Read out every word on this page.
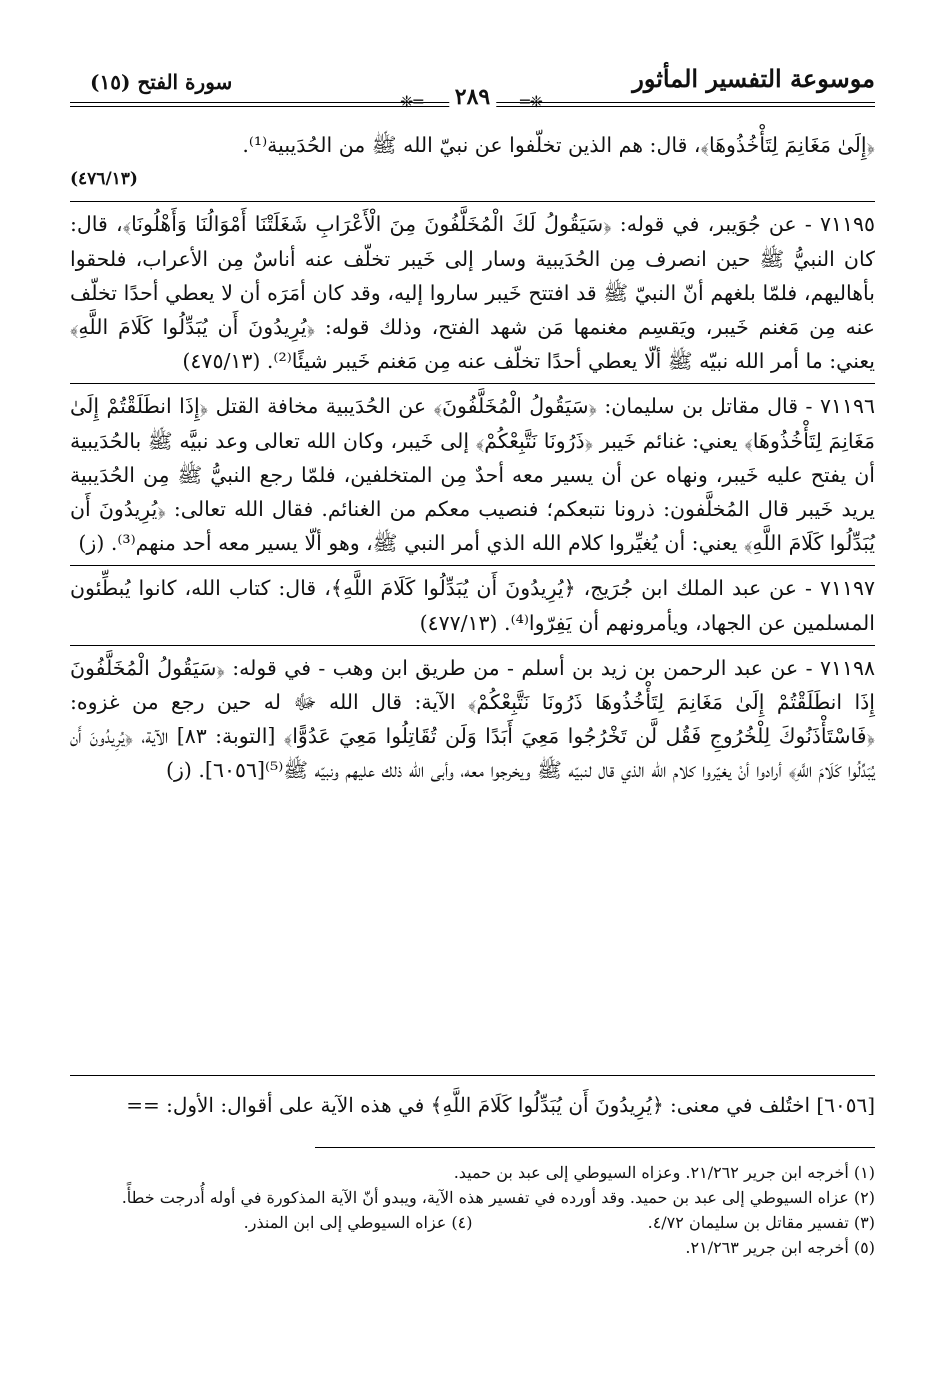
موسوعة التفسير المأثور
سورة الفتح (١٥)
❈═	═❈
٢٨٩

﴿إِلَىٰ مَغَانِمَ لِتَأْخُذُوهَا﴾، قال: هم الذين تخلّفوا عن نبيّ الله ﷺ من الحُدَيبية⁽¹⁾.

(٤٧٦/١٣)

٧١١٩٥ - عن جُوَيبر، في قوله: ﴿سَيَقُولُ لَكَ الْمُخَلَّفُونَ مِنَ الْأَعْرَابِ شَغَلَتْنَا أَمْوَالُنَا وَأَهْلُونَا﴾، قال: كان النبيُّ ﷺ حين انصرف مِن الحُدَيبية وسار إلى خَيبر تخلّف عنه أناسٌ مِن الأعراب، فلحقوا بأهاليهم، فلمّا بلغهم أنّ النبيّ ﷺ قد افتتح خَيبر ساروا إليه، وقد كان أمَرَه أن لا يعطي أحدًا تخلّف عنه مِن مَغنم خَيبر، ويَقسِم مغنمها مَن شهد الفتح، وذلك قوله: ﴿يُرِيدُونَ أَن يُبَدِّلُوا كَلَامَ اللَّهِ﴾ يعني: ما أمر الله نبيّه ﷺ ألّا يعطي أحدًا تخلّف عنه مِن مَغنم خَيبر شيئًا⁽²⁾. (٤٧٥/١٣)

٧١١٩٦ - قال مقاتل بن سليمان: ﴿سَيَقُولُ الْمُخَلَّفُونَ﴾ عن الحُدَيبية مخافة القتل ﴿إِذَا انطَلَقْتُمْ إِلَىٰ مَغَانِمَ لِتَأْخُذُوهَا﴾ يعني: غنائم خَيبر ﴿ذَرُونَا نَتَّبِعْكُمْ﴾ إلى خَيبر، وكان الله تعالى وعد نبيَّه ﷺ بالحُدَيبية أن يفتح عليه خَيبر، ونهاه عن أن يسير معه أحدٌ مِن المتخلفين، فلمّا رجع النبيُّ ﷺ مِن الحُدَيبية يريد خَيبر قال المُخلَّفون: ذرونا نتبعكم؛ فنصيب معكم من الغنائم. فقال الله تعالى: ﴿يُرِيدُونَ أَن يُبَدِّلُوا كَلَامَ اللَّهِ﴾ يعني: أن يُغيِّروا كلام الله الذي أمر النبي ﷺ، وهو ألّا يسير معه أحد منهم⁽³⁾. (ز)

٧١١٩٧ - عن عبد الملك ابن جُرَيج، ﴿يُرِيدُونَ أَن يُبَدِّلُوا كَلَامَ اللَّهِ﴾، قال: كتاب الله، كانوا يُبطِّئون المسلمين عن الجهاد، ويأمرونهم أن يَفِرّوا⁽⁴⁾. (٤٧٧/١٣)

٧١١٩٨ - عن عبد الرحمن بن زيد بن أسلم - من طريق ابن وهب - في قوله: ﴿سَيَقُولُ الْمُخَلَّفُونَ إِذَا انطَلَقْتُمْ إِلَىٰ مَغَانِمَ لِتَأْخُذُوهَا ذَرُونَا نَتَّبِعْكُمْ﴾ الآية: قال الله ﷻ له حين رجع من غزوه: ﴿فَاسْتَأْذَنُوكَ لِلْخُرُوجِ فَقُل لَّن تَخْرُجُوا مَعِيَ أَبَدًا وَلَن تُقَاتِلُوا مَعِيَ عَدُوًّا﴾ [التوبة: ٨٣] الآية، ﴿يُرِيدُونَ أَن يُبَدِّلُوا كَلَامَ اللَّهِ﴾ أرادوا أنْ يغيّروا كلام الله الذي قال لنبيّه ﷺ ويخرجوا معه، وأبى الله ذلك عليهم ونبيّه ﷺ⁽⁵⁾[٦٠٥٦]. (ز)

[٦٠٥٦] اختُلف في معنى: ﴿يُرِيدُونَ أَن يُبَدِّلُوا كَلَامَ اللَّهِ﴾ في هذه الآية على أقوال: الأول: ==

(١) أخرجه ابن جرير ٢١/٢٦٢. وعزاه السيوطي إلى عبد بن حميد.

(٢) عزاه السيوطي إلى عبد بن حميد. وقد أورده في تفسير هذه الآية، ويبدو أنّ الآية المذكورة في أوله أُدرجت خطأً.

(٣) تفسير مقاتل بن سليمان ٤/٧٢.

(٤) عزاه السيوطي إلى ابن المنذر.

(٥) أخرجه ابن جرير ٢١/٢٦٣.
